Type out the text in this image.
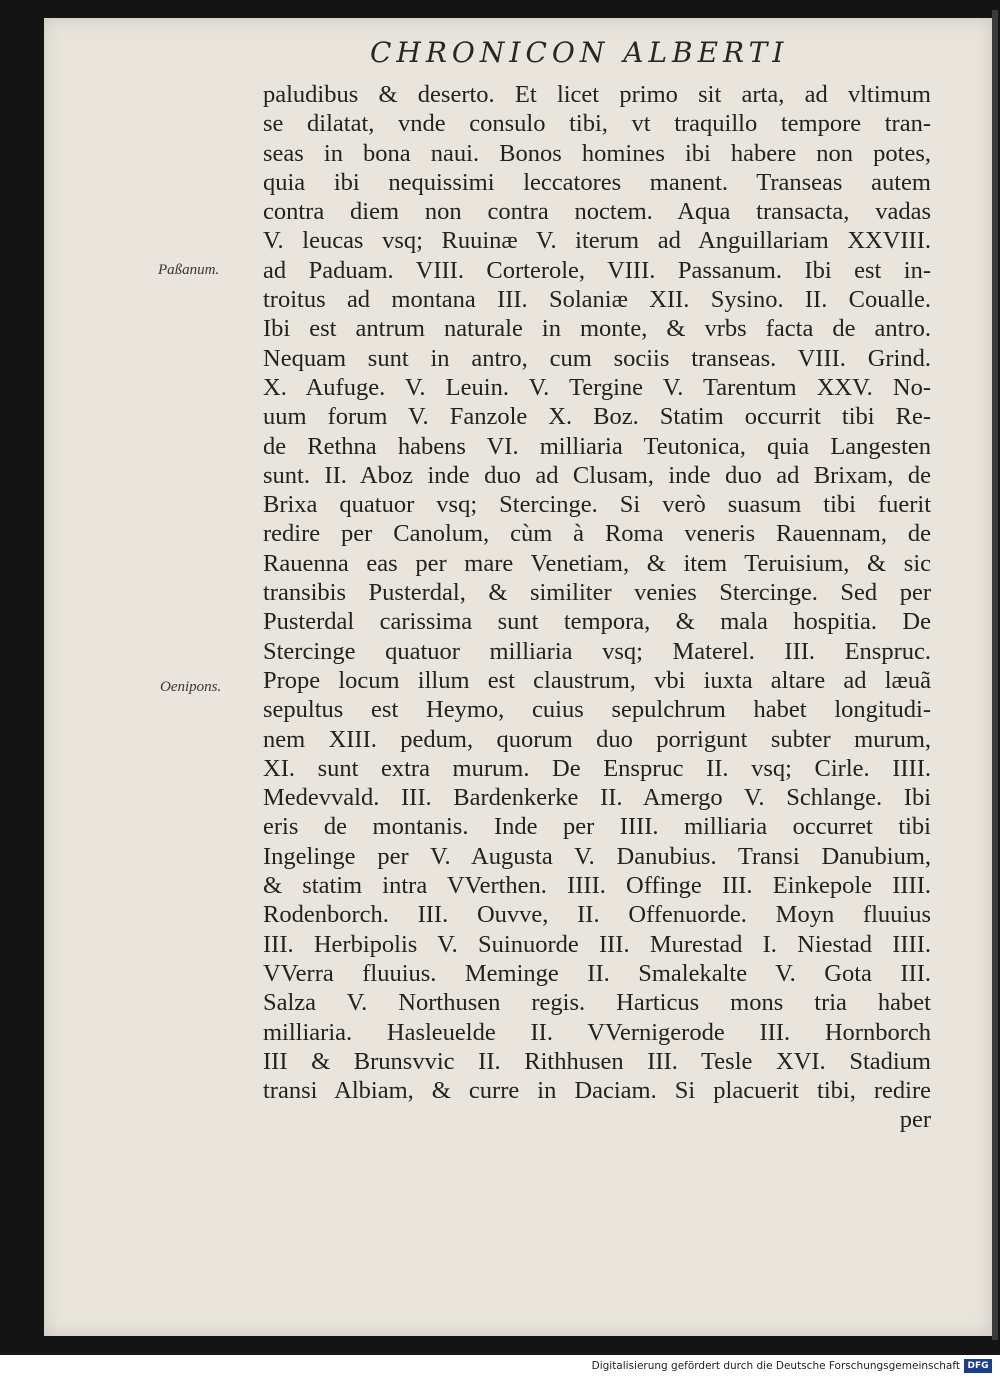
CHRONICON ALBERTI
Paßanum.
Oenipons.
paludibus & deserto. Et licet primo sit arta, ad vltimum
se dilatat, vnde consulo tibi, vt traquillo tempore tran-
seas in bona naui. Bonos homines ibi habere non potes,
quia ibi nequissimi leccatores manent. Transeas autem
contra diem non contra noctem. Aqua transacta, vadas
V. leucas vsq; Ruuinæ V. iterum ad Anguillariam XXVIII.
ad Paduam. VIII. Corterole, VIII. Passanum. Ibi est in-
troitus ad montana III. Solaniæ XII. Sysino. II. Coualle.
Ibi est antrum naturale in monte, & vrbs facta de antro.
Nequam sunt in antro, cum sociis transeas. VIII. Grind.
X. Aufuge. V. Leuin. V. Tergine V. Tarentum XXV. No-
uum forum V. Fanzole X. Boz. Statim occurrit tibi Re-
de Rethna habens VI. milliaria Teutonica, quia Langesten
sunt. II. Aboz inde duo ad Clusam, inde duo ad Brixam, de
Brixa quatuor vsq; Stercinge. Si verò suasum tibi fuerit
redire per Canolum, cùm à Roma veneris Rauennam, de
Rauenna eas per mare Venetiam, & item Teruisium, & sic
transibis Pusterdal, & similiter venies Stercinge. Sed per
Pusterdal carissima sunt tempora, & mala hospitia. De
Stercinge quatuor milliaria vsq; Materel. III. Enspruc.
Prope locum illum est claustrum, vbi iuxta altare ad læuã
sepultus est Heymo, cuius sepulchrum habet longitudi-
nem XIII. pedum, quorum duo porrigunt subter murum,
XI. sunt extra murum. De Enspruc II. vsq; Cirle. IIII.
Medevvald. III. Bardenkerke II. Amergo V. Schlange. Ibi
eris de montanis. Inde per IIII. milliaria occurret tibi
Ingelinge per V. Augusta V. Danubius. Transi Danubium,
& statim intra VVerthen. IIII. Offinge III. Einkepole IIII.
Rodenborch. III. Ouvve, II. Offenuorde. Moyn fluuius
III. Herbipolis V. Suinuorde III. Murestad I. Niestad IIII.
VVerra fluuius. Meminge II. Smalekalte V. Gota III.
Salza V. Northusen regis. Harticus mons tria habet
milliaria. Hasleuelde II. VVernigerode III. Hornborch
III & Brunsvvic II. Rithhusen III. Tesle XVI. Stadium
transi Albiam, & curre in Daciam. Si placuerit tibi, redire
per
Digitalisierung gefördert durch die Deutsche Forschungsgemeinschaft DFG
